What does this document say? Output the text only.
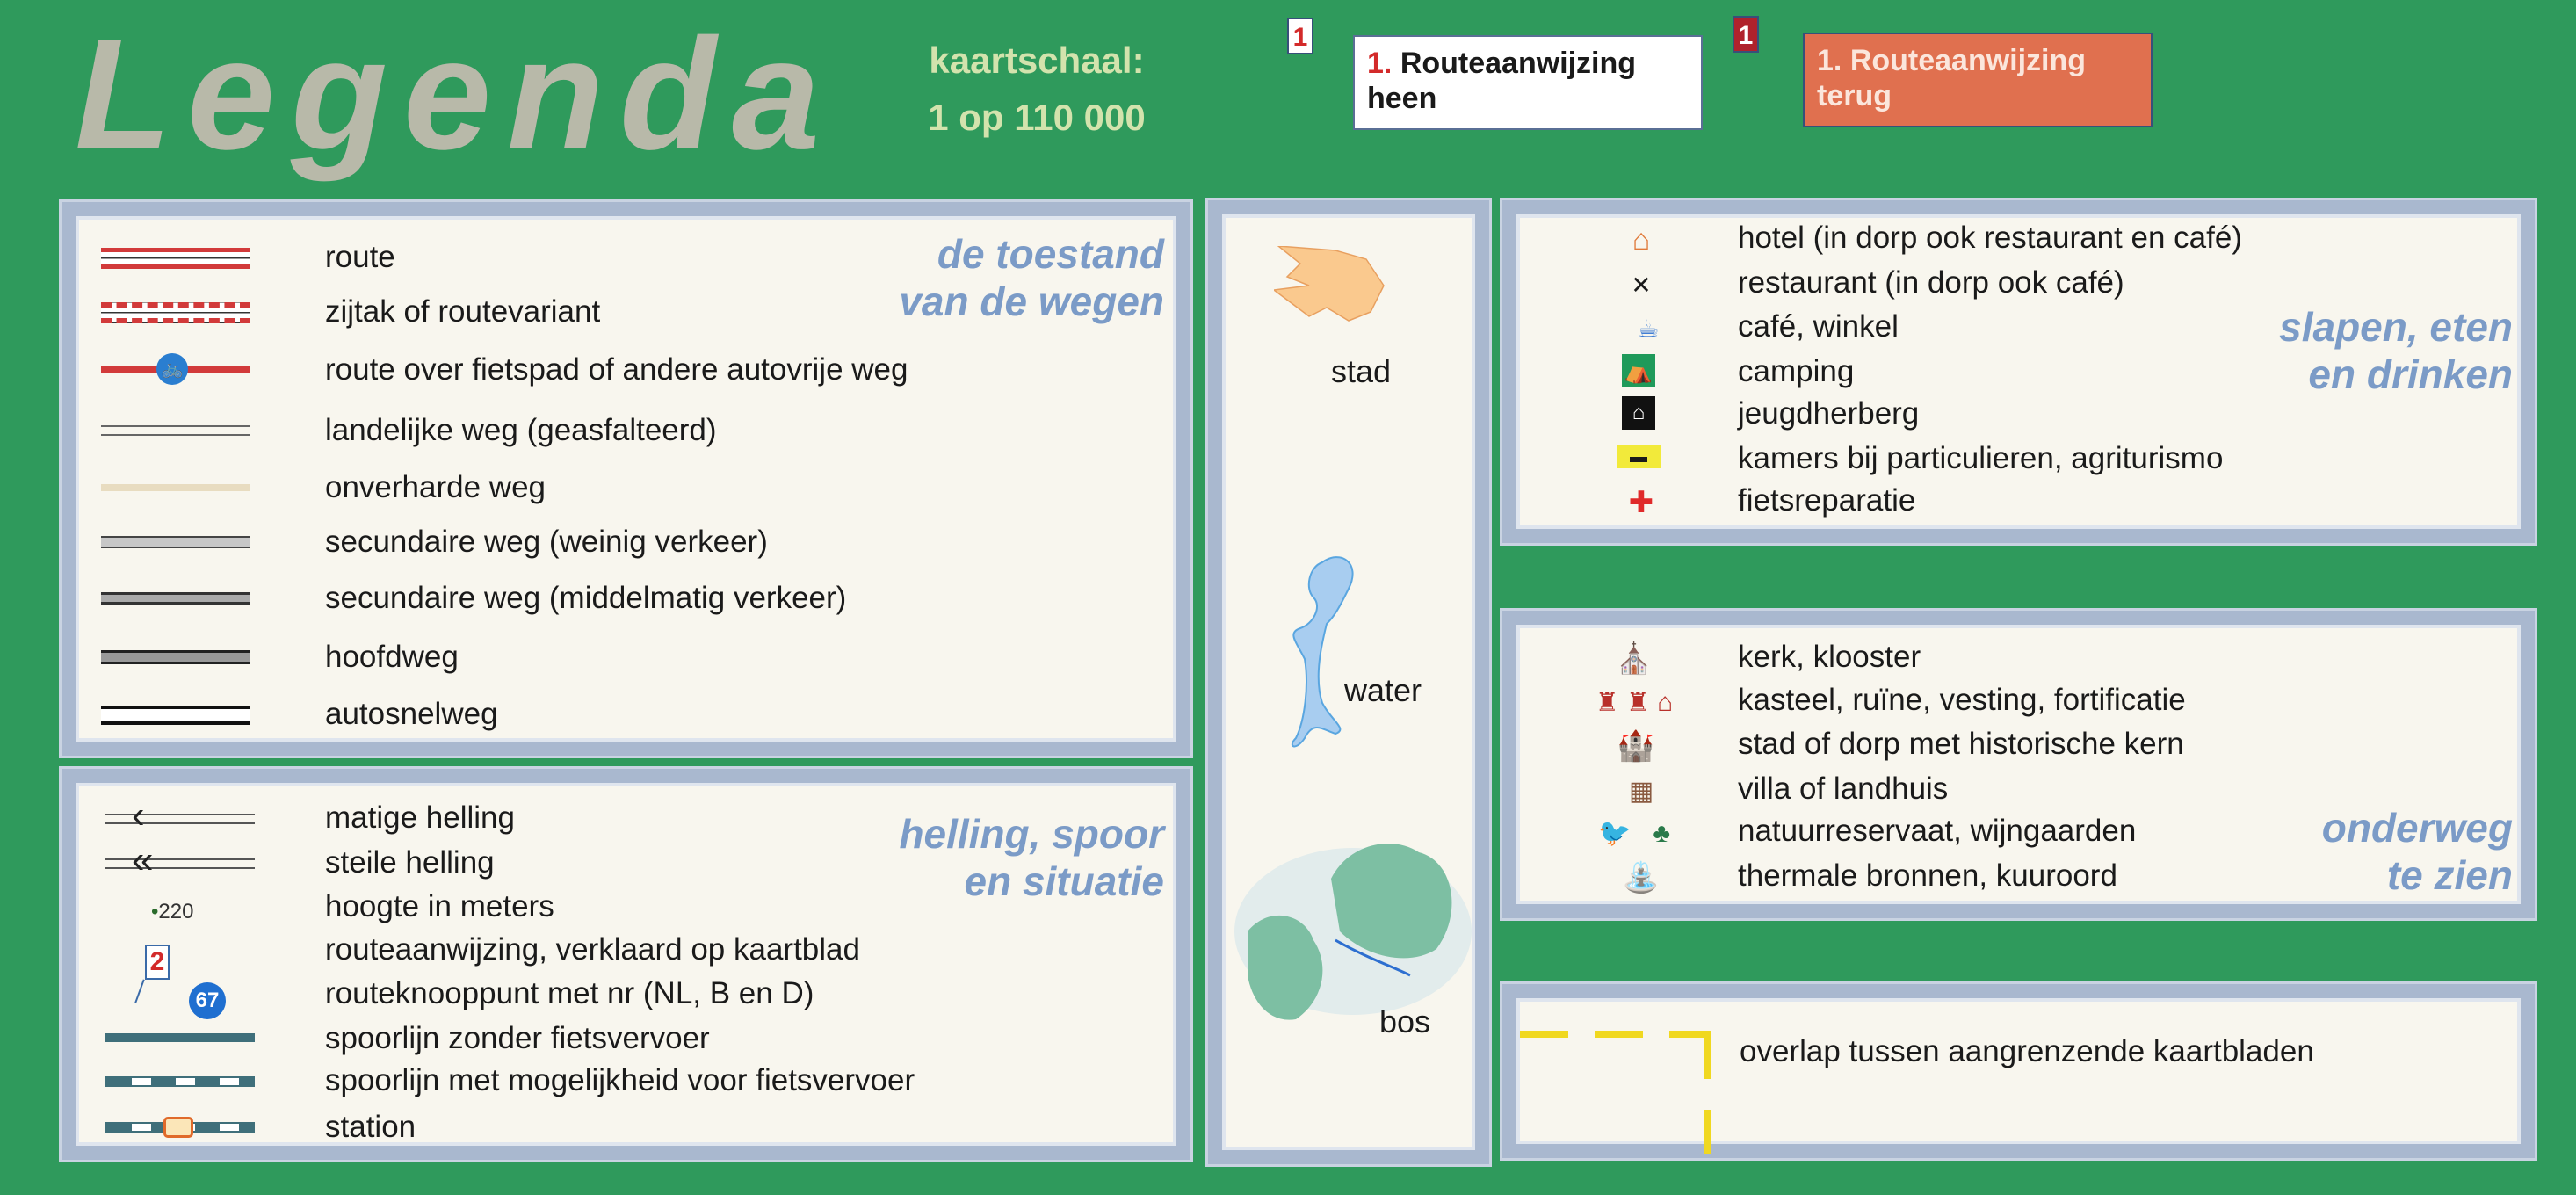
Legenda	kaartschaal:
1 op 110 000
1
1. Routeaanwijzing heen
1
1. Routeaanwijzing terug
de toestand
van de wegen
🚲
route
zijtak of routevariant
route over fietspad of andere autovrije weg
landelijke weg (geasfalteerd)
onverharde weg
secundaire weg (weinig verkeer)
secundaire weg (middelmatig verkeer)
hoofdweg
autosnelweg
helling, spoor
en situatie
‹
«
•220
2
67
matige helling
steile helling
hoogte in meters
routeaanwijzing, verklaard op kaartblad
routeknooppunt met nr (NL, B en D)
spoorlijn zonder fietsvervoer
spoorlijn met mogelijkheid voor fietsvervoer
station
stad
water
bos
slapen, eten
en drinken
⌂
✕
☕
⛺
⌂
▬
✚
hotel (in dorp ook restaurant en café)
restaurant (in dorp ook café)
café, winkel
camping
jeugdherberg
kamers bij particulieren, agriturismo
fietsreparatie
onderweg
te zien
⛪
♜ ♜ ⌂
🏰
▦
🐦   ♣
⛲
kerk, klooster
kasteel, ruïne, vesting, fortificatie
stad of dorp met historische kern
villa of landhuis
natuurreservaat, wijngaarden
thermale bronnen, kuuroord
overlap tussen aangrenzende kaartbladen
